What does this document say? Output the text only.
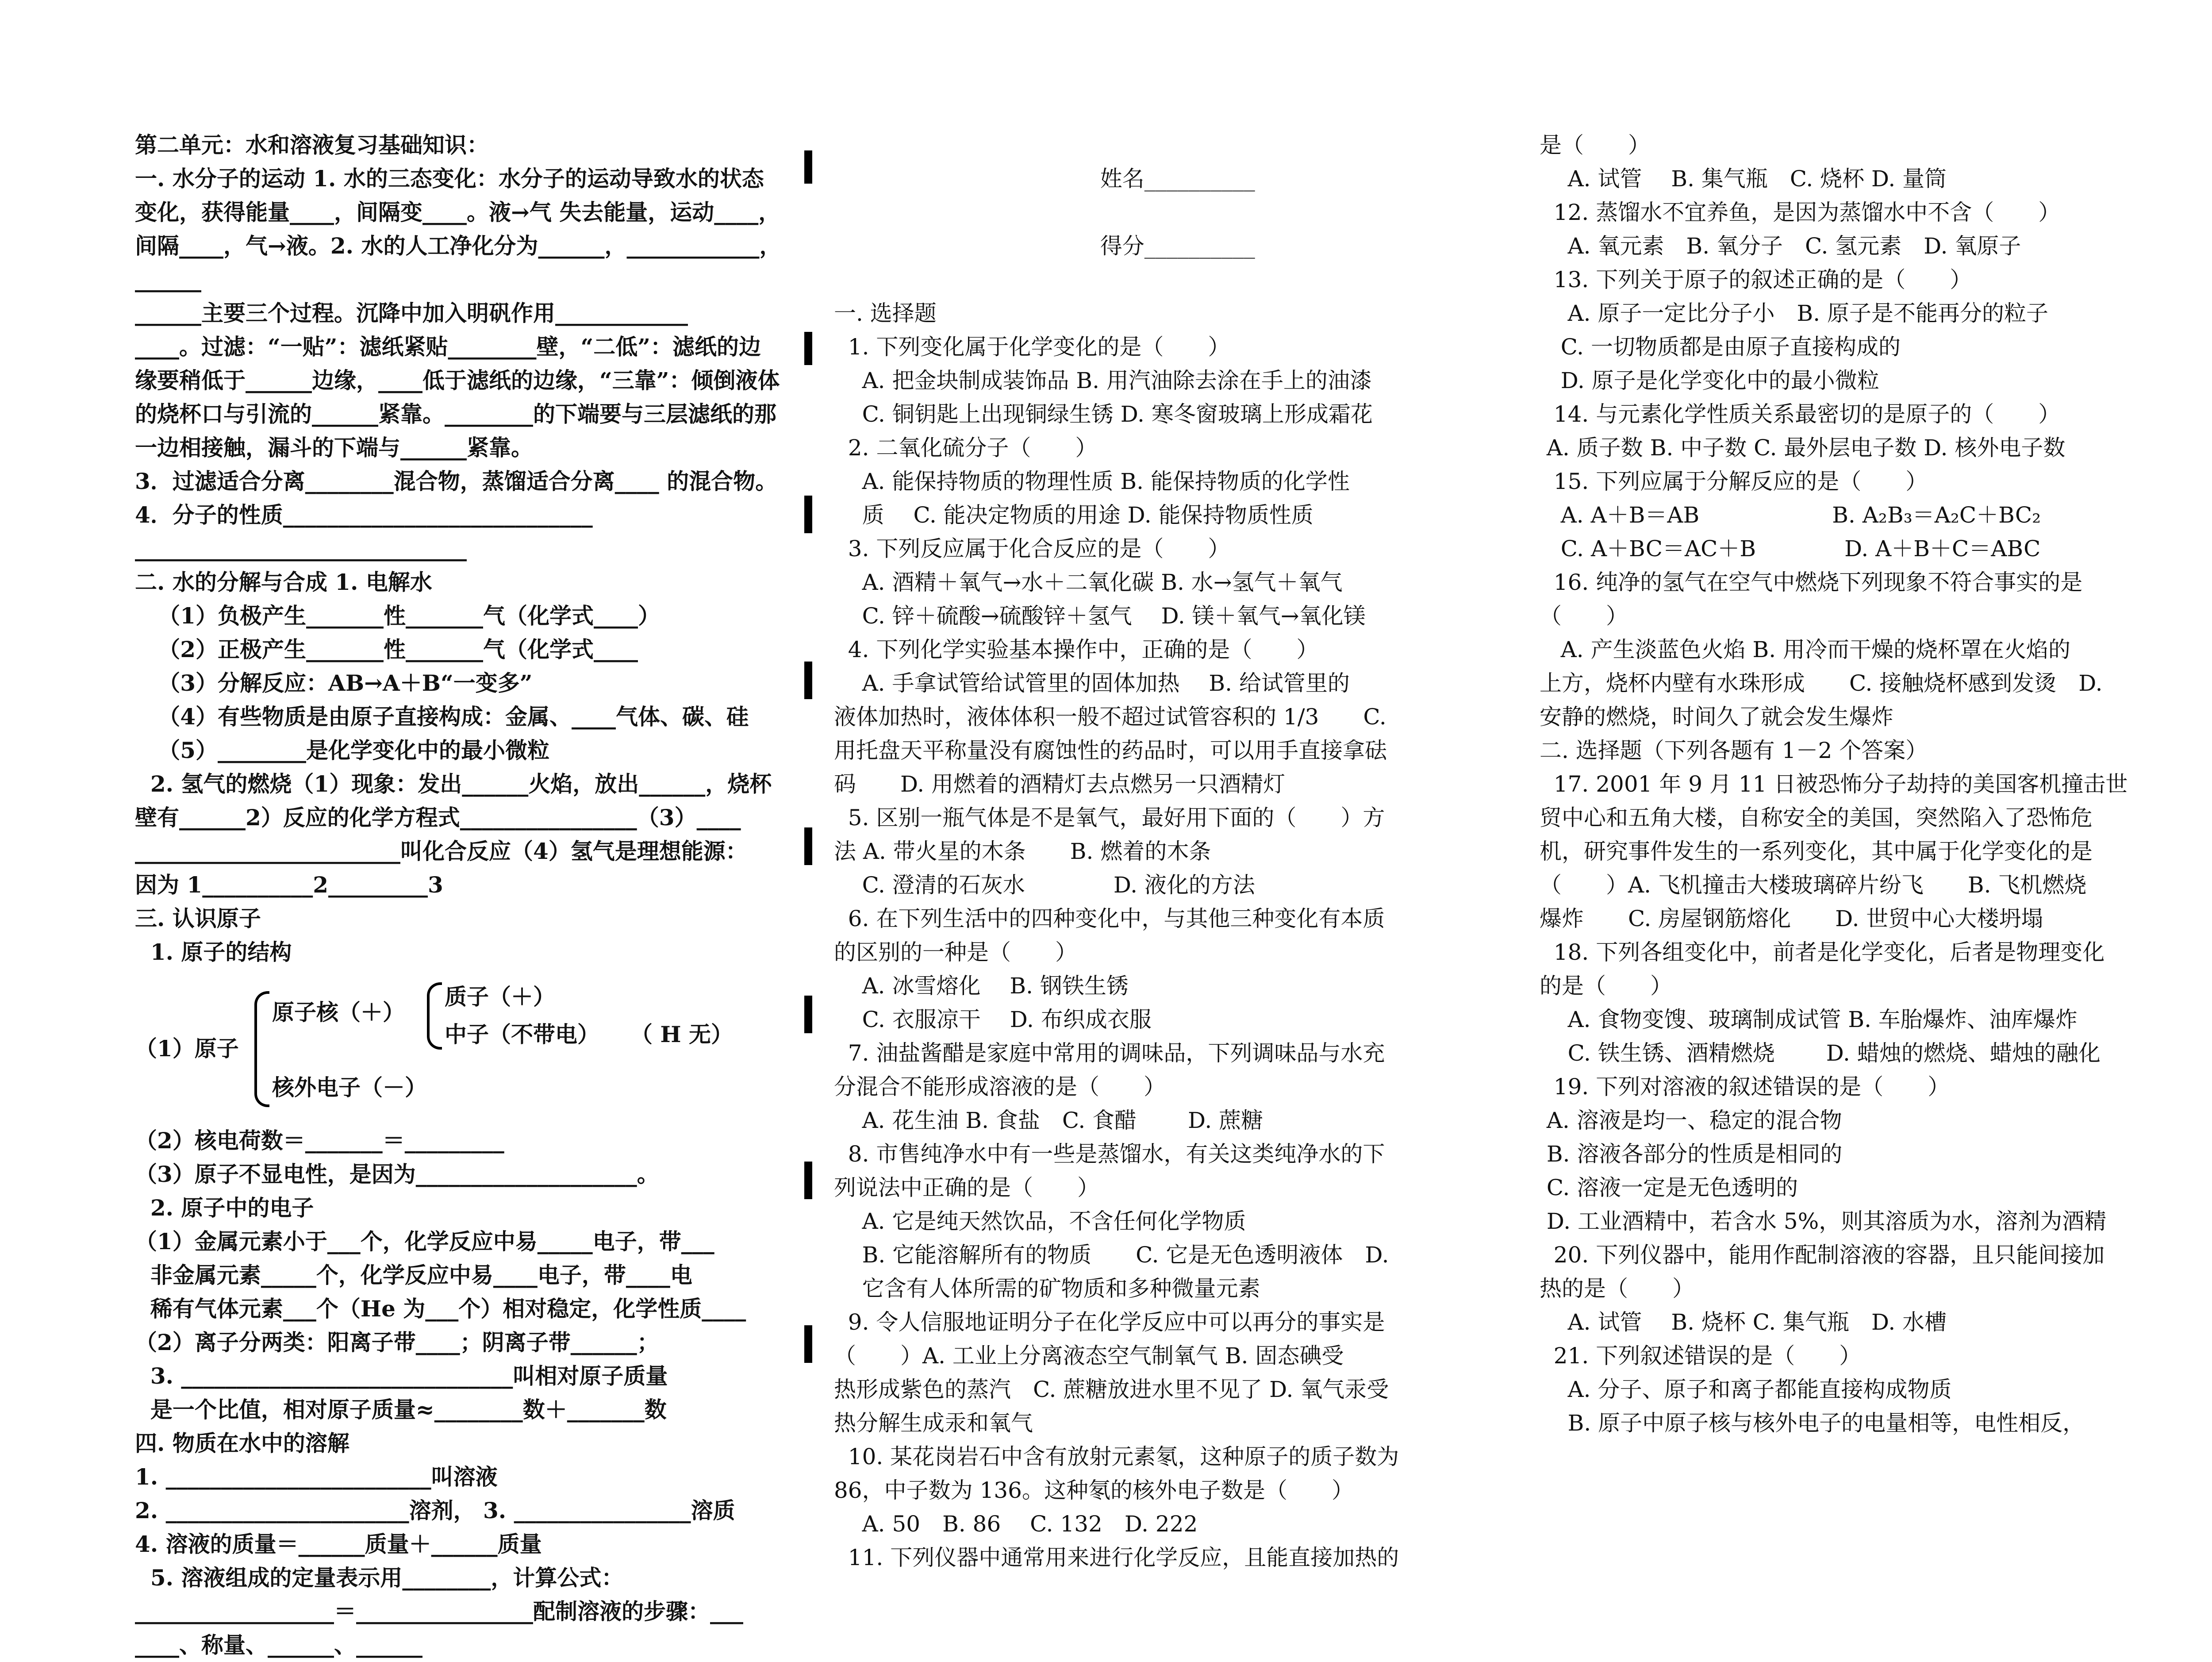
第二单元：水和溶液复习基础知识：
一. 水分子的运动 1. 水的三态变化：水分子的运动导致水的状态
变化，获得能量____，间隔变____。液→气 失去能量，运动____，
间隔____，气→液。2. 水的人工净化分为______，____________，______
______主要三个过程。沉降中加入明矾作用____________
____。过滤：“一贴”：滤纸紧贴________壁，“二低”：滤纸的边
缘要稍低于______边缘，____低于滤纸的边缘，“三靠”：倾倒液体
的烧杯口与引流的______紧靠。________的下端要与三层滤纸的那
一边相接触，漏斗的下端与______紧靠。
3．过滤适合分离________混合物，蒸馏适合分离____ 的混合物。
4．分子的性质____________________________
______________________________
二. 水的分解与合成 1. 电解水
（1）负极产生_______性_______气（化学式____）
（2）正极产生_______性_______气（化学式____
（3）分解反应：AB→A＋B“一变多”
（4）有些物质是由原子直接构成：金属、____气体、碳、硅
（5）________是化学变化中的最小微粒
2. 氢气的燃烧（1）现象：发出______火焰，放出______，烧杯
壁有______2）反应的化学方程式________________（3）____
________________________叫化合反应（4）氢气是理想能源：
因为 1__________2_________3
三. 认识原子
1. 原子的结构
（1）原子
原子核（＋）
核外电子（－）
质子（＋）
中子（不带电） （ H 无）
（2）核电荷数＝_______＝_________
（3）原子不显电性，是因为____________________。
2. 原子中的电子
（1）金属元素小于___个，化学反应中易_____电子，带___
非金属元素_____个，化学反应中易____电子，带____电
稀有气体元素___个（He 为___个）相对稳定，化学性质____
（2）离子分两类：阳离子带____；阴离子带______；
3. ______________________________叫相对原子质量
是一个比值，相对原子质量≈________数＋_______数
四. 物质在水中的溶解
1. ________________________叫溶液
2. ______________________溶剂， 3. ________________溶质
4. 溶液的质量＝______质量＋______质量
5. 溶液组成的定量表示用________，计算公式：
__________________＝________________配制溶液的步骤：___
____、称量、______、______

姓名__________

得分__________

一. 选择题
1. 下列变化属于化学变化的是（　　）
A. 把金块制成装饰品 B. 用汽油除去涂在手上的油漆
C. 铜钥匙上出现铜绿生锈 D. 寒冬窗玻璃上形成霜花
2. 二氧化硫分子（　　）
A. 能保持物质的物理性质 B. 能保持物质的化学性
质　 C. 能决定物质的用途 D. 能保持物质性质
3. 下列反应属于化合反应的是（　　）
A. 酒精＋氧气→水＋二氧化碳 B. 水→氢气＋氧气
C. 锌＋硫酸→硫酸锌＋氢气　 D. 镁＋氧气→氧化镁
4. 下列化学实验基本操作中，正确的是（　　）
A. 手拿试管给试管里的固体加热　 B. 给试管里的
液体加热时，液体体积一般不超过试管容积的 1/3　　C.
用托盘天平称量没有腐蚀性的药品时，可以用手直接拿砝
码　　D. 用燃着的酒精灯去点燃另一只酒精灯
5. 区别一瓶气体是不是氧气，最好用下面的（　　）方
法 A. 带火星的木条　　B. 燃着的木条
C. 澄清的石灰水　　　　D. 液化的方法
6. 在下列生活中的四种变化中，与其他三种变化有本质
的区别的一种是（　　）
A. 冰雪熔化　 B. 钢铁生锈
C. 衣服凉干　 D. 布织成衣服
7. 油盐酱醋是家庭中常用的调味品，下列调味品与水充
分混合不能形成溶液的是（　　）
A. 花生油 B. 食盐　C. 食醋　　 D. 蔗糖
8. 市售纯净水中有一些是蒸馏水，有关这类纯净水的下
列说法中正确的是（　　）
A. 它是纯天然饮品，不含任何化学物质
B. 它能溶解所有的物质　　C. 它是无色透明液体　D.
它含有人体所需的矿物质和多种微量元素
9. 令人信服地证明分子在化学反应中可以再分的事实是
（　　）A. 工业上分离液态空气制氧气 B. 固态碘受
热形成紫色的蒸汽　C. 蔗糖放进水里不见了 D. 氧气汞受
热分解生成汞和氧气
10. 某花岗岩石中含有放射元素氡，这种原子的质子数为
86，中子数为 136。这种氡的核外电子数是（　　）
A. 50　B. 86　 C. 132　D. 222
11. 下列仪器中通常用来进行化学反应，且能直接加热的
是（　　）
A. 试管　 B. 集气瓶　C. 烧杯 D. 量筒
12. 蒸馏水不宜养鱼，是因为蒸馏水中不含（　　）
A. 氧元素　B. 氧分子　C. 氢元素　D. 氧原子
13. 下列关于原子的叙述正确的是（　　）
A. 原子一定比分子小　B. 原子是不能再分的粒子
C. 一切物质都是由原子直接构成的
D. 原子是化学变化中的最小微粒
14. 与元素化学性质关系最密切的是原子的（　　）
A. 质子数 B. 中子数 C. 最外层电子数 D. 核外电子数
15. 下列应属于分解反应的是（　　）
A. A＋B＝AB　　　　　　B. A₂B₃＝A₂C＋BC₂
C. A＋BC＝AC＋B　　　　D. A＋B＋C＝ABC
16. 纯净的氢气在空气中燃烧下列现象不符合事实的是
（　　）
A. 产生淡蓝色火焰 B. 用冷而干燥的烧杯罩在火焰的
上方，烧杯内壁有水珠形成　　C. 接触烧杯感到发烫　D.
安静的燃烧，时间久了就会发生爆炸
二. 选择题（下列各题有 1－2 个答案）
17. 2001 年 9 月 11 日被恐怖分子劫持的美国客机撞击世
贸中心和五角大楼，自称安全的美国，突然陷入了恐怖危
机，研究事件发生的一系列变化，其中属于化学变化的是
（　　）A. 飞机撞击大楼玻璃碎片纷飞　　B. 飞机燃烧
爆炸　　C. 房屋钢筋熔化　　D. 世贸中心大楼坍塌
18. 下列各组变化中，前者是化学变化，后者是物理变化
的是（　　）
A. 食物变馊、玻璃制成试管 B. 车胎爆炸、油库爆炸
C. 铁生锈、酒精燃烧　　 D. 蜡烛的燃烧、蜡烛的融化
19. 下列对溶液的叙述错误的是（　　）
A. 溶液是均一、稳定的混合物
B. 溶液各部分的性质是相同的
C. 溶液一定是无色透明的
D. 工业酒精中，若含水 5%，则其溶质为水，溶剂为酒精
20. 下列仪器中，能用作配制溶液的容器，且只能间接加
热的是（　　）
A. 试管　 B. 烧杯 C. 集气瓶　D. 水槽
21. 下列叙述错误的是（　　）
A. 分子、原子和离子都能直接构成物质
B. 原子中原子核与核外电子的电量相等，电性相反，
